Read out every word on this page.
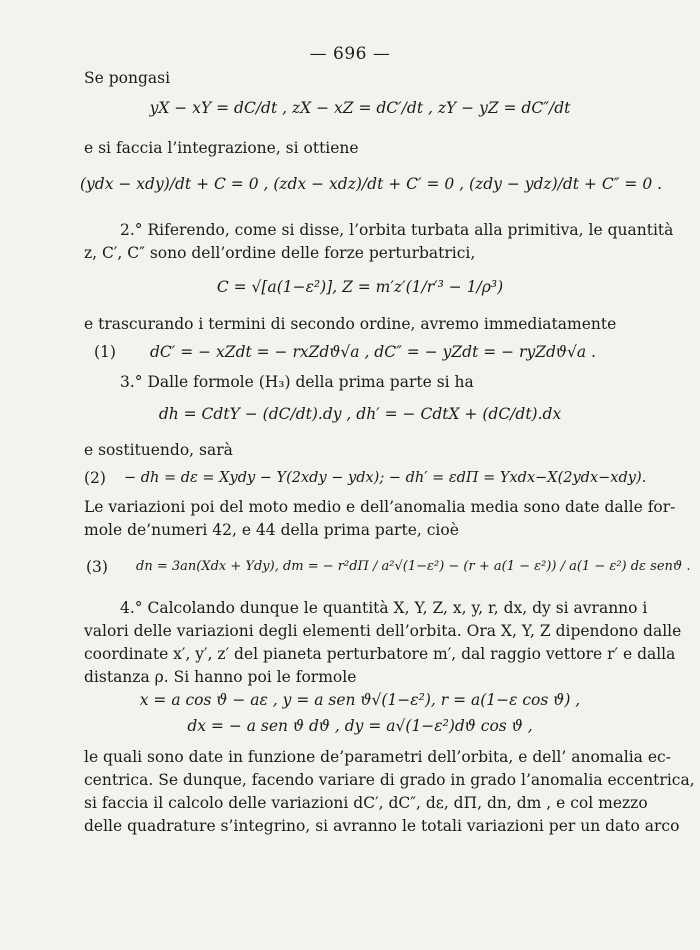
— 696 —
Se pongasi
yX − xY = dC/dt , zX − xZ = dC′/dt , zY − yZ = dC″/dt
e si faccia l’integrazione, si ottiene
(ydx − xdy)/dt + C = 0 , (zdx − xdz)/dt + C′ = 0 , (zdy − ydz)/dt + C″ = 0 .
2.° Riferendo, come si disse, l’orbita turbata alla primitiva, le quantità
z, C′, C″ sono dell’ordine delle forze perturbatrici,
C = √[a(1−ε²)], Z = m′z′(1/r′³ − 1/ρ³)
e trascurando i termini di secondo ordine, avremo immediatamente
(1) dC′ = − xZdt = − rxZdϑ√a , dC″ = − yZdt = − ryZdϑ√a .
3.° Dalle formole (H₃) della prima parte si ha
dh = CdtY − (dC/dt).dy , dh′ = − CdtX + (dC/dt).dx
e sostituendo, sarà
(2) − dh = dε = Xydy − Y(2xdy − ydx); − dh′ = εdΠ = Yxdx−X(2ydx−xdy).
Le variazioni poi del moto medio e dell’anomalia media sono date dalle for-
mole de’numeri 42, e 44 della prima parte, cioè
(3) dn = 3an(Xdx + Ydy), dm = − r²dΠ / a²√(1−ε²) − (r + a(1 − ε²)) / a(1 − ε²) dε senϑ .
4.° Calcolando dunque le quantità X, Y, Z, x, y, r, dx, dy si avranno i
valori delle variazioni degli elementi dell’orbita. Ora X, Y, Z dipendono dalle
coordinate x′, y′, z′ del pianeta perturbatore m′, dal raggio vettore r′ e dalla
distanza ρ. Si hanno poi le formole
x = a cos ϑ − aε , y = a sen ϑ√(1−ε²), r = a(1−ε cos ϑ) ,
dx = − a sen ϑ dϑ , dy = a√(1−ε²)dϑ cos ϑ ,
le quali sono date in funzione de’parametri dell’orbita, e dell’ anomalia ec-
centrica. Se dunque, facendo variare di grado in grado l’anomalia eccentrica,
si faccia il calcolo delle variazioni dC′, dC″, dε, dΠ, dn, dm , e col mezzo
delle quadrature s’integrino, si avranno le totali variazioni per un dato arco
